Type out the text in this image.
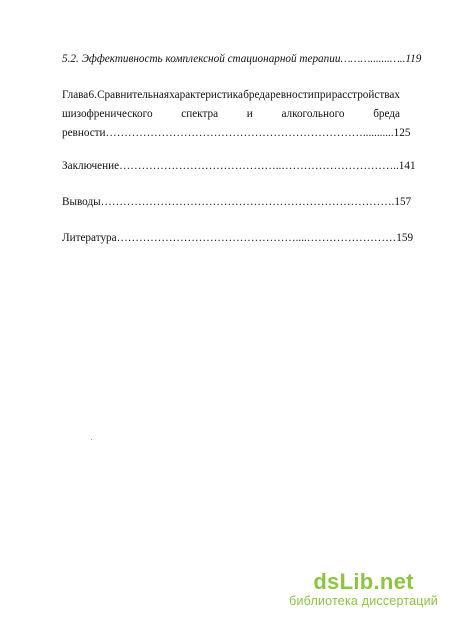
5.2. Эффективность комплексной стационарной терапии ……….......….. 119
Глава 6. Сравнительная характеристика бреда ревности при расстройствах
шизофренического	спектра	и	алкогольного	бреда
ревности ……………………………………………………………........... 125
Заключение ……………………………………..………………………….. 141
Выводы ……………………………………………………………………. 157
Литература …………………………………………....…………………… 159
dsLib.net
библиотека диссертаций
